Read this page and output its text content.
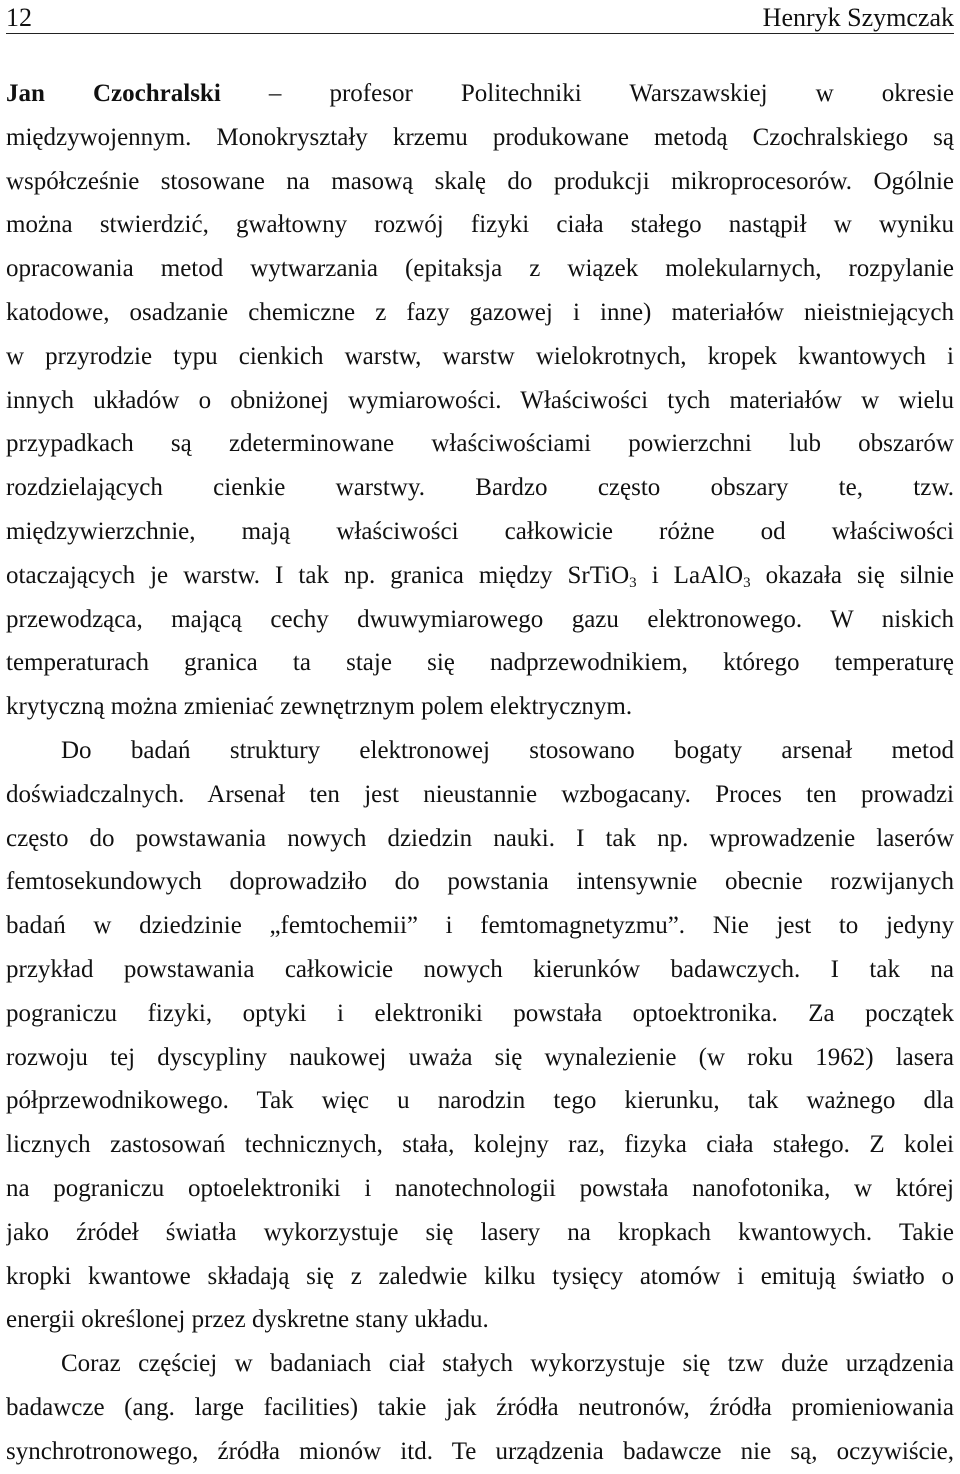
12	Henryk Szymczak
Jan Czochralski – profesor Politechniki Warszawskiej w okresie
międzywojennym. Monokryształy krzemu produkowane metodą Czochralskiego są
współcześnie stosowane na masową skalę do produkcji mikroprocesorów. Ogólnie
można stwierdzić, gwałtowny rozwój fizyki ciała stałego nastąpił w wyniku
opracowania metod wytwarzania (epitaksja z wiązek molekularnych, rozpylanie
katodowe, osadzanie chemiczne z fazy gazowej i inne) materiałów nieistniejących
w przyrodzie typu cienkich warstw, warstw wielokrotnych, kropek kwantowych i
innych układów o obniżonej wymiarowości. Właściwości tych materiałów w wielu
przypadkach są zdeterminowane właściwościami powierzchni lub obszarów
rozdzielających cienkie warstwy. Bardzo często obszary te, tzw.
międzywierzchnie, mają właściwości całkowicie różne od właściwości
otaczających je warstw. I tak np. granica między SrTiO$_3$ i LaAlO$_3$ okazała się silnie
przewodząca, mającą cechy dwuwymiarowego gazu elektronowego. W niskich
temperaturach granica ta staje się nadprzewodnikiem, którego temperaturę
krytyczną można zmieniać zewnętrznym polem elektrycznym.
Do badań struktury elektronowej stosowano bogaty arsenał metod
doświadczalnych. Arsenał ten jest nieustannie wzbogacany. Proces ten prowadzi
często do powstawania nowych dziedzin nauki. I tak np. wprowadzenie laserów
femtosekundowych doprowadziło do powstania intensywnie obecnie rozwijanych
badań w dziedzinie „femtochemii” i femtomagnetyzmu”. Nie jest to jedyny
przykład powstawania całkowicie nowych kierunków badawczych. I tak na
pograniczu fizyki, optyki i elektroniki powstała optoektronika. Za początek
rozwoju tej dyscypliny naukowej uważa się wynalezienie (w roku 1962) lasera
półprzewodnikowego. Tak więc u narodzin tego kierunku, tak ważnego dla
licznych zastosowań technicznych, stała, kolejny raz, fizyka ciała stałego. Z kolei
na pograniczu optoelektroniki i nanotechnologii powstała nanofotonika, w której
jako źródeł światła wykorzystuje się lasery na kropkach kwantowych. Takie
kropki kwantowe składają się z zaledwie kilku tysięcy atomów i emitują światło o
energii określonej przez dyskretne stany układu.
Coraz częściej w badaniach ciał stałych wykorzystuje się tzw duże urządzenia
badawcze (ang. large facilities) takie jak źródła neutronów, źródła promieniowania
synchrotronowego, źródła mionów itd. Te urządzenia badawcze nie są, oczywiście,
